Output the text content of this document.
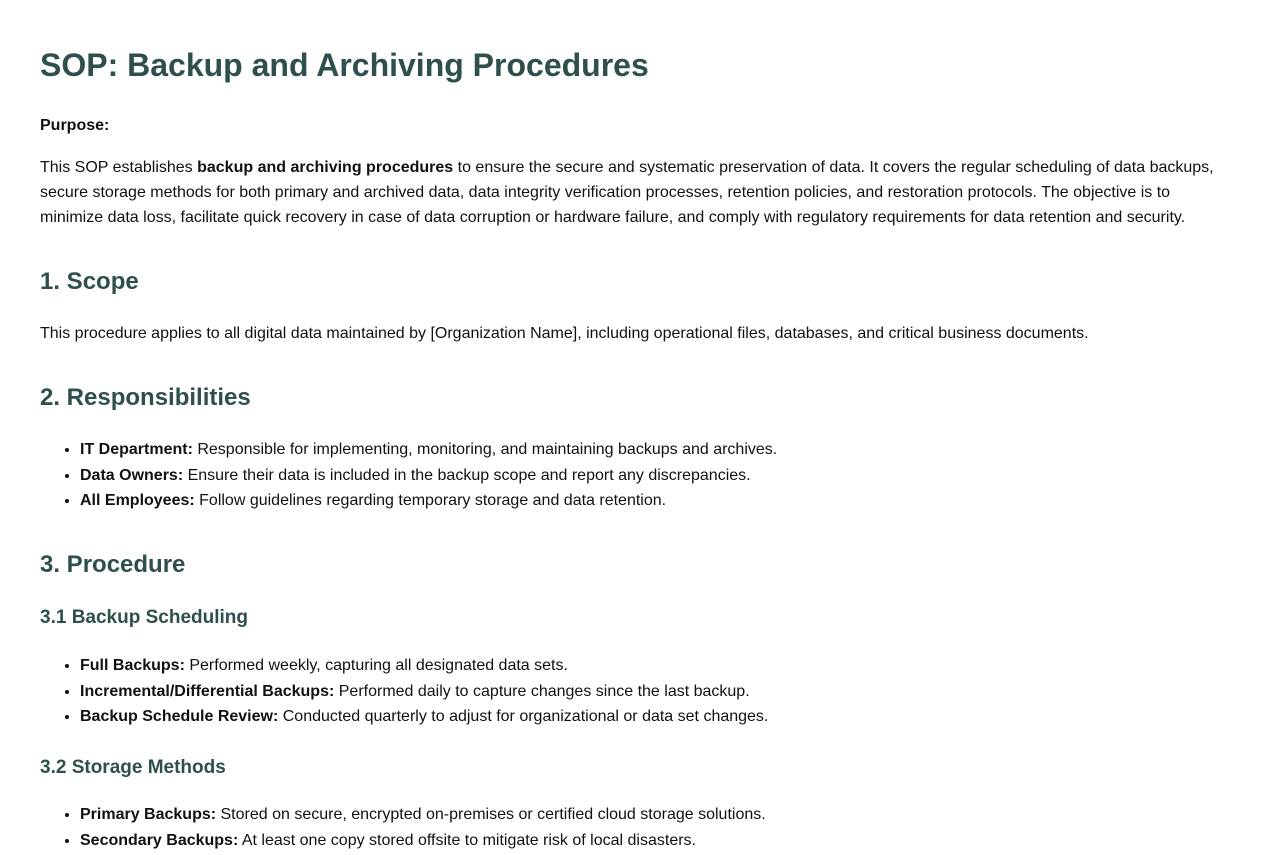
SOP: Backup and Archiving Procedures

Purpose:

This SOP establishes backup and archiving procedures to ensure the secure and systematic preservation of data. It covers the regular scheduling of data backups, secure storage methods for both primary and archived data, data integrity verification processes, retention policies, and restoration protocols. The objective is to minimize data loss, facilitate quick recovery in case of data corruption or hardware failure, and comply with regulatory requirements for data retention and security.

1. Scope

This procedure applies to all digital data maintained by [Organization Name], including operational files, databases, and critical business documents.

2. Responsibilities
• IT Department: Responsible for implementing, monitoring, and maintaining backups and archives.
• Data Owners: Ensure their data is included in the backup scope and report any discrepancies.
• All Employees: Follow guidelines regarding temporary storage and data retention.
3. Procedure
3.1 Backup Scheduling
• Full Backups: Performed weekly, capturing all designated data sets.
• Incremental/Differential Backups: Performed daily to capture changes since the last backup.
• Backup Schedule Review: Conducted quarterly to adjust for organizational or data set changes.
3.2 Storage Methods
• Primary Backups: Stored on secure, encrypted on-premises or certified cloud storage solutions.
• Secondary Backups: At least one copy stored offsite to mitigate risk of local disasters.
